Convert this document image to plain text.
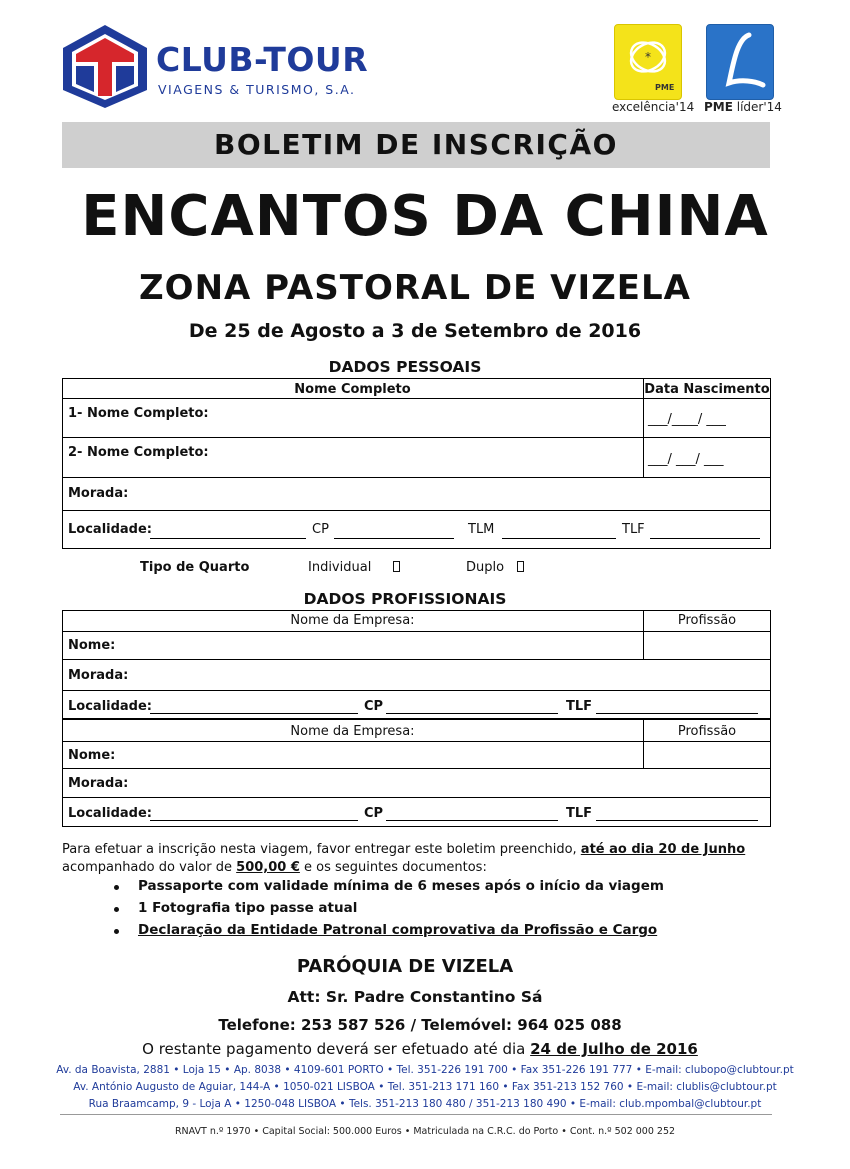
CLUB-TOUR
VIAGENS & TURISMO, S.A.
*
PME
excelência'14 PME líder'14
BOLETIM DE INSCRIÇÃO
ENCANTOS DA CHINA
ZONA PASTORAL DE VIZELA
De 25 de Agosto a 3 de Setembro de 2016
DADOS PESSOAIS
Nome Completo	Data Nascimento
1- Nome Completo:	___/____/ ___
2- Nome Completo:	___/ ___/ ___
Morada:
Localidade:	CP	TLM	TLF
Tipo de Quarto	Individual	Duplo
DADOS PROFISSIONAIS
Nome da Empresa:	Profissão
Nome:
Morada:
Localidade:	CP	TLF
Nome da Empresa:	Profissão
Nome:
Morada:
Localidade:	CP	TLF
Para efetuar a inscrição nesta viagem, favor entregar este boletim preenchido, até ao dia 20 de Junho
acompanhado do valor de 500,00 € e os seguintes documentos:
Passaporte com validade mínima de 6 meses após o início da viagem
1 Fotografia tipo passe atual
Declaração da Entidade Patronal comprovativa da Profissão e Cargo
PARÓQUIA DE VIZELA
Att: Sr. Padre Constantino Sá
Telefone: 253 587 526 / Telemóvel: 964 025 088
O restante pagamento deverá ser efetuado até dia 24 de Julho de 2016
Av. da Boavista, 2881 • Loja 15 • Ap. 8038 • 4109-601 PORTO • Tel. 351-226 191 700 • Fax 351-226 191 777 • E-mail: clubopo@clubtour.pt
Av. António Augusto de Aguiar, 144-A • 1050-021 LISBOA • Tel. 351-213 171 160 • Fax 351-213 152 760 • E-mail: clublis@clubtour.pt
Rua Braamcamp, 9 - Loja A • 1250-048 LISBOA • Tels. 351-213 180 480 / 351-213 180 490 • E-mail: club.mpombal@clubtour.pt
RNAVT n.º 1970 • Capital Social: 500.000 Euros • Matriculada na C.R.C. do Porto • Cont. n.º 502 000 252
